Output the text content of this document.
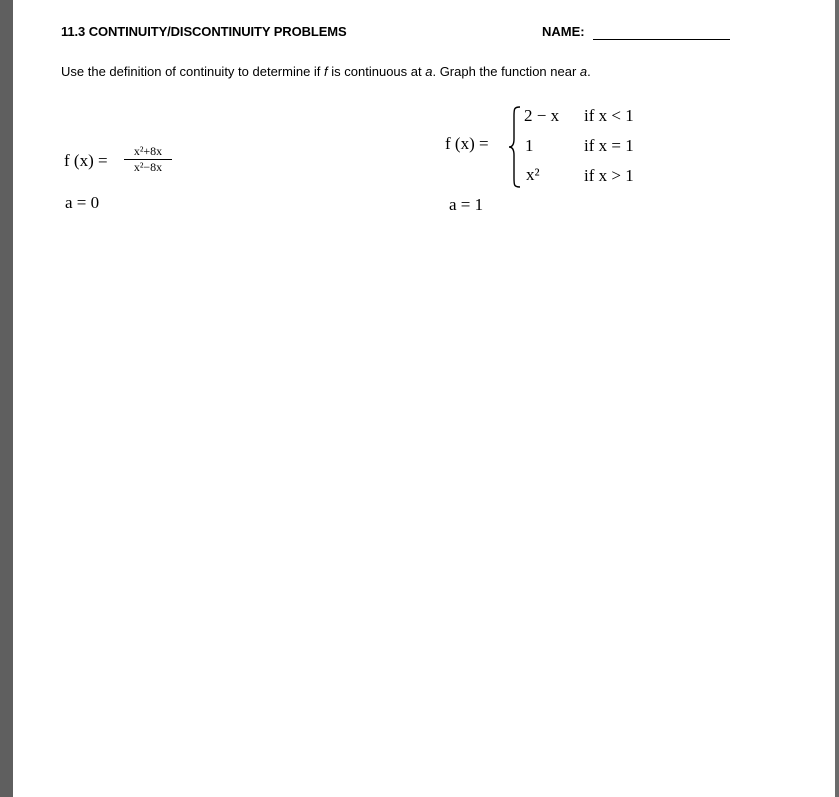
11.3 CONTINUITY/DISCONTINUITY PROBLEMS	NAME:
Use the definition of continuity to determine if f is continuous at a. Graph the function near a.
f (x) =	x²+8x
x²−8x
a = 0
f (x) =
2 − x if x < 1
1	if x = 1
x²	if x > 1
a = 1
